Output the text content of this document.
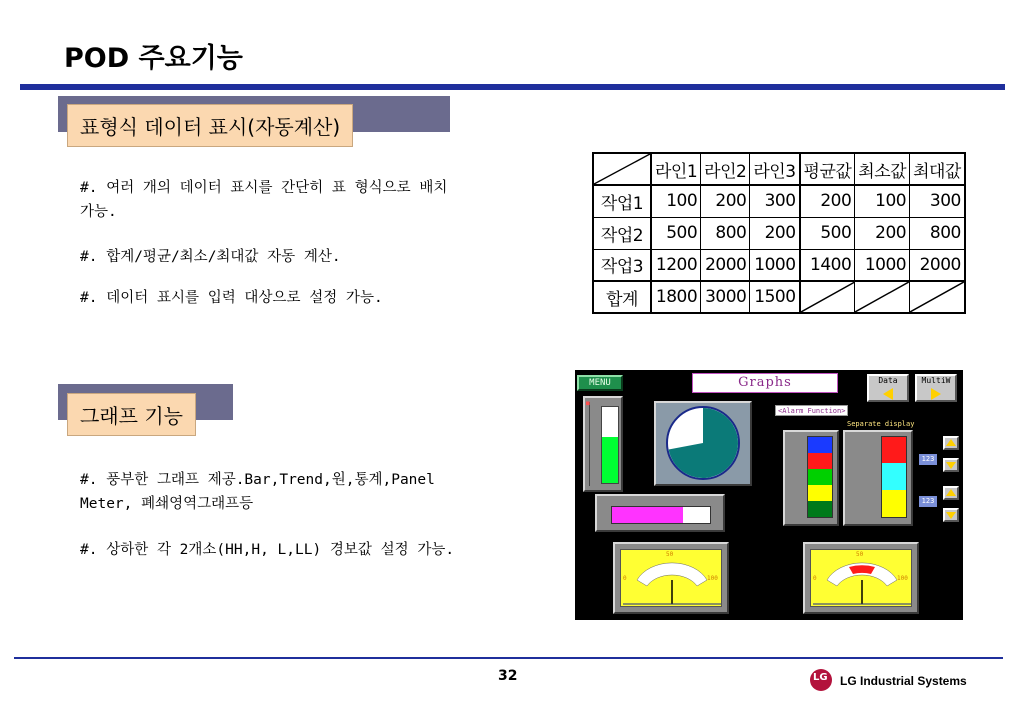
POD 주요기능
표형식 데이터 표시(자동계산)
#. 여러 개의 데이터 표시를 간단히 표 형식으로 배치 가능.
#. 합계/평균/최소/최대값 자동 계산.
#. 데이터 표시를 입력 대상으로 설정 가능.
	라인1	라인2	라인3	평균값	최소값	최대값
작업1	100	200	300	200	100	300
작업2	500	800	200	500	200	800
작업3	1200	2000	1000	1400	1000	2000
합계	1800	3000	1500	

그래프 기능
#. 풍부한 그래프 제공.Bar,Trend,원,통계,Panel Meter, 폐쇄영역그래프등
#. 상하한 각 2개소(HH,H, L,LL) 경보값 설정 가능.
MENU	Graphs	Data	MultiW
■
<Alarm Function>
Separate display
123
123
50
0	100
50
0	100
32	LG LG Industrial Systems
